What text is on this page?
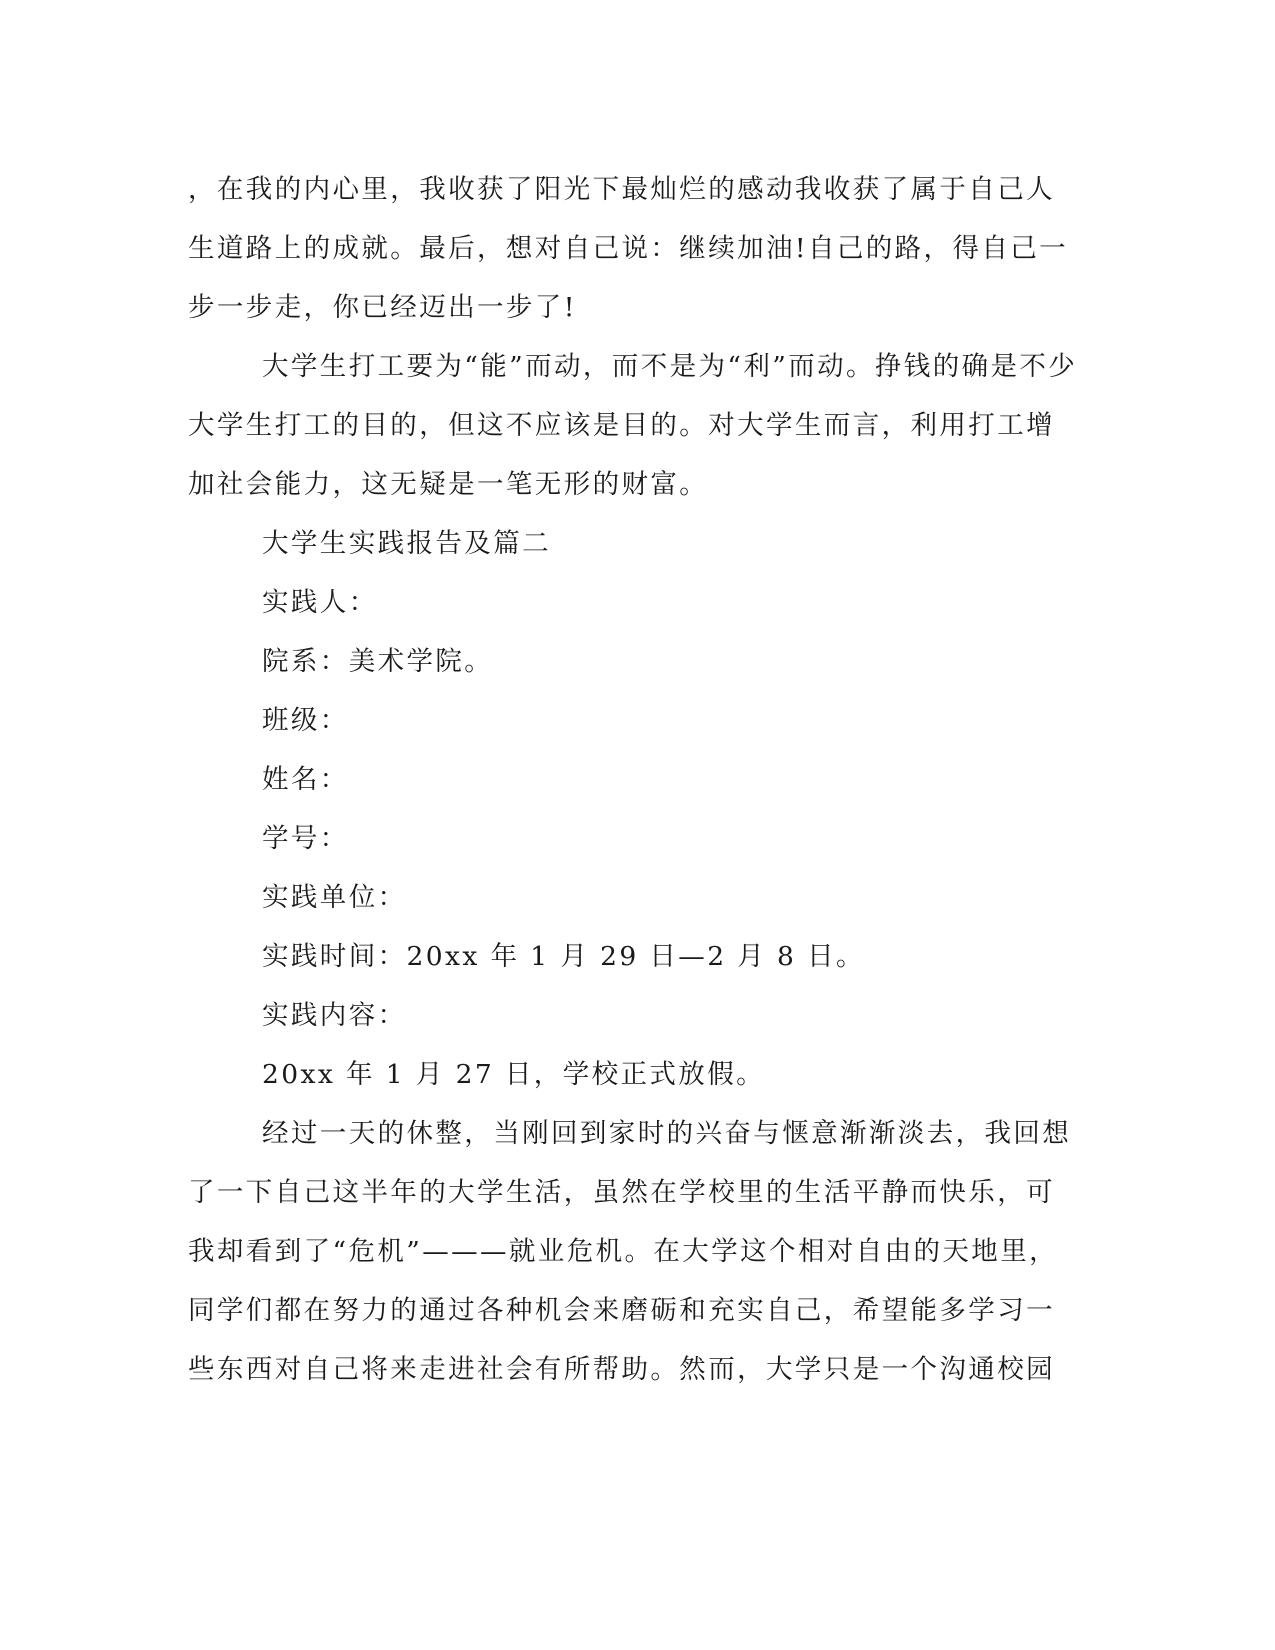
，在我的内心里，我收获了阳光下最灿烂的感动我收获了属于自己人
生道路上的成就。最后，想对自己说：继续加油!自己的路，得自己一
步一步走，你已经迈出一步了!
大学生打工要为“能”而动，而不是为“利”而动。挣钱的确是不少
大学生打工的目的，但这不应该是目的。对大学生而言，利用打工增
加社会能力，这无疑是一笔无形的财富。
大学生实践报告及篇二
实践人：
院系：美术学院。
班级：
姓名：
学号：
实践单位：
实践时间：20xx 年 1 月 29 日—2 月 8 日。
实践内容：
20xx 年 1 月 27 日，学校正式放假。
经过一天的休整，当刚回到家时的兴奋与惬意渐渐淡去，我回想
了一下自己这半年的大学生活，虽然在学校里的生活平静而快乐，可
我却看到了“危机”———就业危机。在大学这个相对自由的天地里，
同学们都在努力的通过各种机会来磨砺和充实自己，希望能多学习一
些东西对自己将来走进社会有所帮助。然而，大学只是一个沟通校园
